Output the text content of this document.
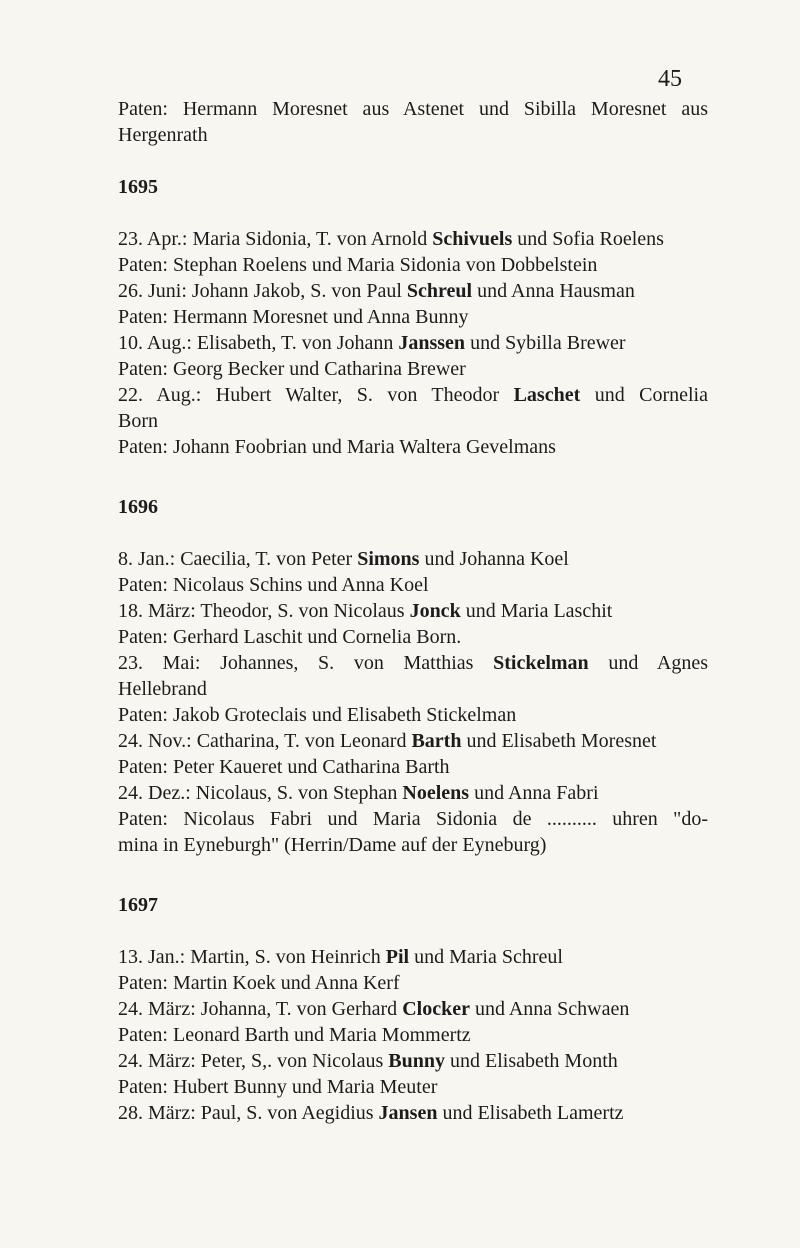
45
Paten: Hermann Moresnet aus Astenet und Sibilla Moresnet aus
Hergenrath
1695
23. Apr.: Maria Sidonia, T. von Arnold Schivuels und Sofia Roelens
Paten: Stephan Roelens und Maria Sidonia von Dobbelstein
26. Juni: Johann Jakob, S. von Paul Schreul und Anna Hausman
Paten: Hermann Moresnet und Anna Bunny
10. Aug.: Elisabeth, T. von Johann Janssen und Sybilla Brewer
Paten: Georg Becker und Catharina Brewer
22. Aug.: Hubert Walter, S. von Theodor Laschet und Cornelia
Born
Paten: Johann Foobrian und Maria Waltera Gevelmans
1696
8. Jan.: Caecilia, T. von Peter Simons und Johanna Koel
Paten: Nicolaus Schins und Anna Koel
18. März: Theodor, S. von Nicolaus Jonck und Maria Laschit
Paten: Gerhard Laschit und Cornelia Born.
23. Mai: Johannes, S. von Matthias Stickelman und Agnes
Hellebrand
Paten: Jakob Groteclais und Elisabeth Stickelman
24. Nov.: Catharina, T. von Leonard Barth und Elisabeth Moresnet
Paten: Peter Kaueret und Catharina Barth
24. Dez.: Nicolaus, S. von Stephan Noelens und Anna Fabri
Paten: Nicolaus Fabri und Maria Sidonia de .......... uhren "do-
mina in Eyneburgh" (Herrin/Dame auf der Eyneburg)
1697
13. Jan.: Martin, S. von Heinrich Pil und Maria Schreul
Paten: Martin Koek und Anna Kerf
24. März: Johanna, T. von Gerhard Clocker und Anna Schwaen
Paten: Leonard Barth und Maria Mommertz
24. März: Peter, S,. von Nicolaus Bunny und Elisabeth Month
Paten: Hubert Bunny und Maria Meuter
28. März: Paul, S. von Aegidius Jansen und Elisabeth Lamertz
